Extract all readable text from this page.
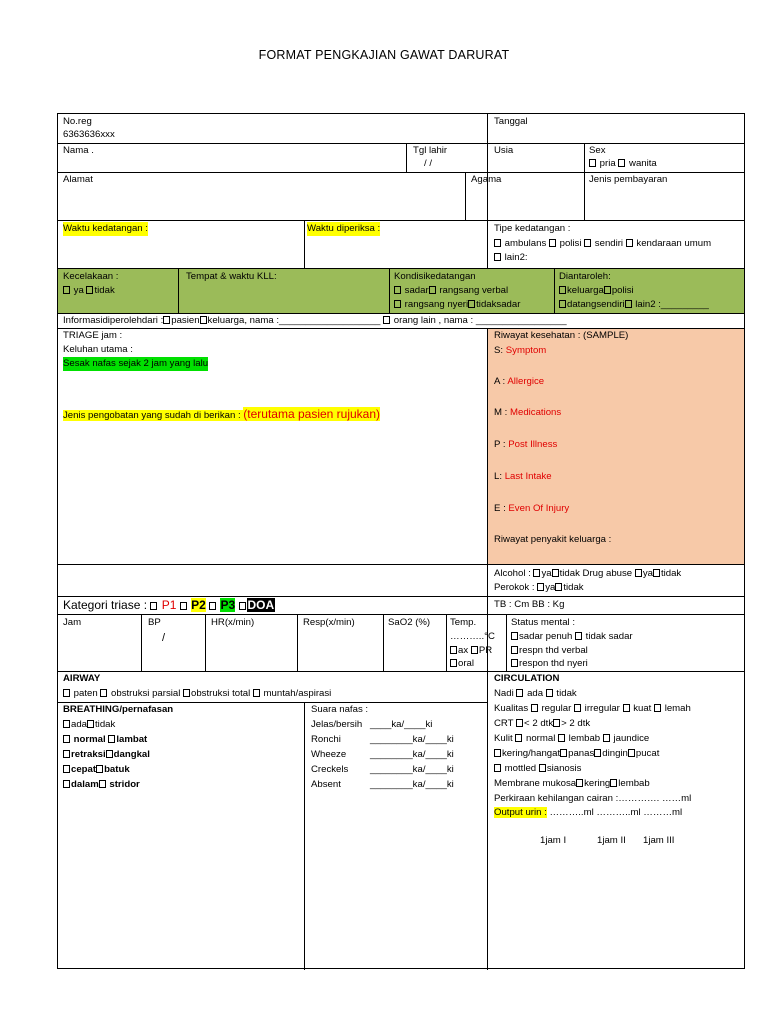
FORMAT PENGKAJIAN GAWAT DARURAT
No.reg
6363636xxx
Tanggal
Nama .	Tgl lahir
/ /
Usia	Sex
pria wanita
Alamat	Agama	Jenis pembayaran
Waktu kedatangan :	Waktu diperiksa :	Tipe kedatangan :
ambulans  polisi  sendiri  kendaraan umum
lain2:
Kecelakaan :
ya tidak
Tempat & waktu KLL:	Kondisikedatangan
sadar rangsang verbal
rangsang nyeri tidaksadar
Diantaroleh:
keluarga polisi
datangsendiri lain2 :_________
Informasidiperolehdari : pasien keluarga, nama :___________________  orang lain , nama : _________________
TRIAGE jam :
Keluhan utama :
Sesak nafas sejak 2 jam yang lalu
Jenis pengobatan yang sudah di berikan : (terutama pasien rujukan)
Riwayat kesehatan : (SAMPLE)
S: Symptom
A : Allergice
M : Medications
P : Post Illness
L: Last Intake
E : Even Of Injury
Riwayat penyakit keluarga :
Alcohol : ya tidak Drug abuse ya tidak
Perokok : ya tidak
Kategori triase :  P1 P2 P3 DOA	TB : Cm BB : Kg
Jam	BP
/
HR(x/min)	Resp(x/min)	SaO2 (%) Temp.
………..°C
ax PR
oral
Status mental :
sadar penuh  tidak sadar
respn thd verbal
respon thd nyeri
AIRWAY
paten  obstruksi parsial obstruksi total  muntah/aspirasi
BREATHING/pernafasan
ada tidak
normal lambat
retraksi dangkal
cepat batuk
dalam stridor
Suara nafas :
Jelas/bersih ____ka/____ki
Ronchi	________ka/____ki
Wheeze ________ka/____ki
Creckels ________ka/____ki
Absent	________ka/____ki
CIRCULATION
Nadi  ada  tidak
Kualitas  regular  irregular  kuat  lemah
CRT < 2 dtk > 2 dtk
Kulit  normal  lembab  jaundice
kering/hangat panas dingin pucat
mottled sianosis
Membrane mukosa kering lembab
Perkiraan kehilangan cairan :…………. ……ml
Output urin : ………..ml ………..ml ………ml
1jam I	1jam II 1jam III
